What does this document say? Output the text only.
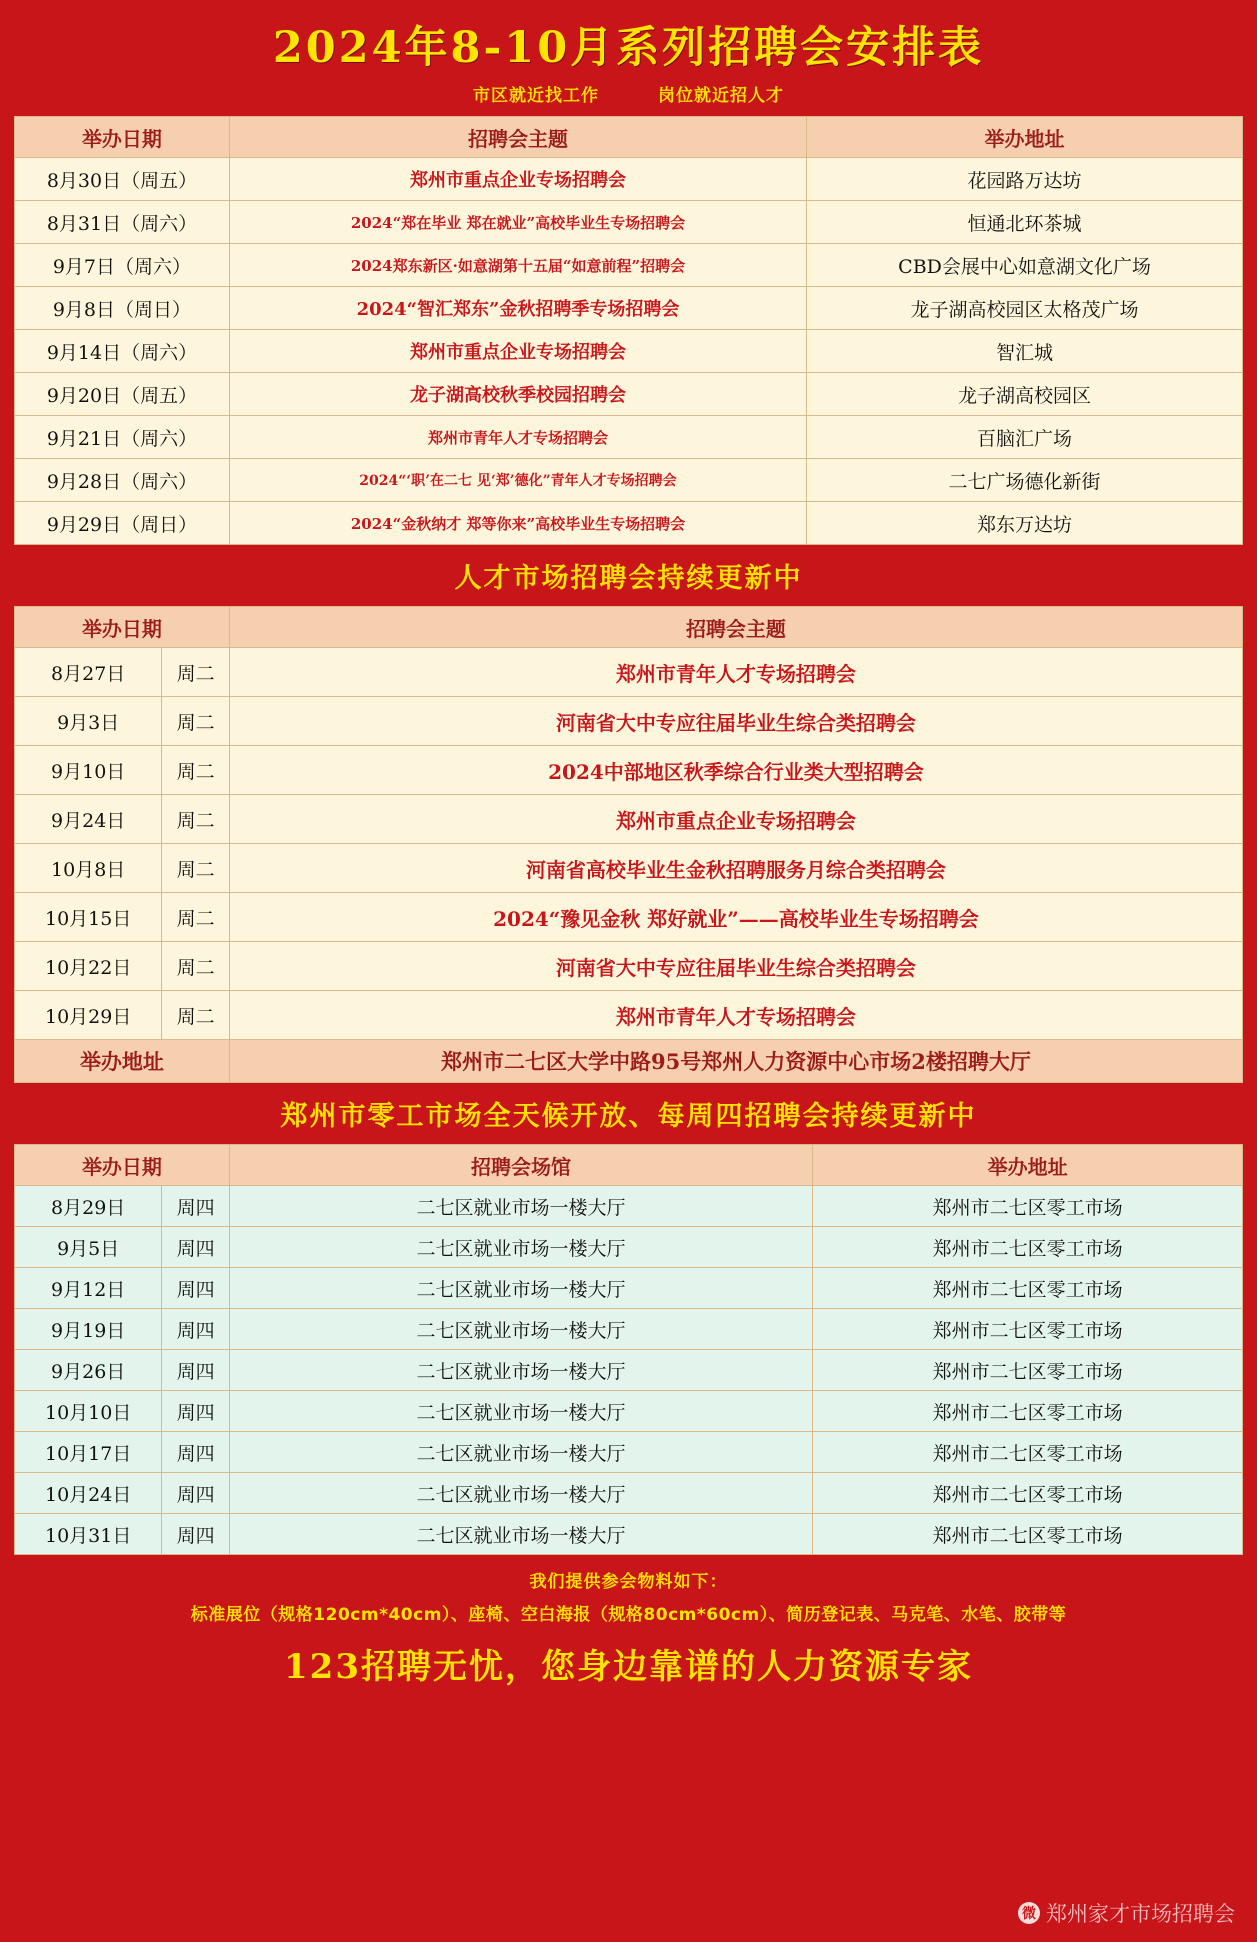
2024年8-10月系列招聘会安排表
市区就近找工作	岗位就近招人才
举办日期	招聘会主题	举办地址
8月30日（周五）	郑州市重点企业专场招聘会	花园路万达坊
8月31日（周六）	2024“郑在毕业 郑在就业”高校毕业生专场招聘会	恒通北环茶城
9月7日（周六）	2024郑东新区·如意湖第十五届“如意前程”招聘会	CBD会展中心如意湖文化广场
9月8日（周日）	2024“智汇郑东”金秋招聘季专场招聘会	龙子湖高校园区太格茂广场
9月14日（周六）	郑州市重点企业专场招聘会	智汇城
9月20日（周五）	龙子湖高校秋季校园招聘会	龙子湖高校园区
9月21日（周六）	郑州市青年人才专场招聘会	百脑汇广场
9月28日（周六）	2024“‘职’在二七 见‘郑’德化”青年人才专场招聘会	二七广场德化新街
9月29日（周日）	2024“金秋纳才 郑等你来”高校毕业生专场招聘会	郑东万达坊
人才市场招聘会持续更新中
举办日期		招聘会主题
8月27日	周二	郑州市青年人才专场招聘会
9月3日	周二	河南省大中专应往届毕业生综合类招聘会
9月10日	周二	2024中部地区秋季综合行业类大型招聘会
9月24日	周二	郑州市重点企业专场招聘会
10月8日	周二	河南省高校毕业生金秋招聘服务月综合类招聘会
10月15日	周二	2024“豫见金秋 郑好就业”——高校毕业生专场招聘会
10月22日	周二	河南省大中专应往届毕业生综合类招聘会
10月29日	周二	郑州市青年人才专场招聘会
举办地址		郑州市二七区大学中路95号郑州人力资源中心市场2楼招聘大厅
郑州市零工市场全天候开放、每周四招聘会持续更新中
举办日期		招聘会场馆	举办地址
8月29日	周四	二七区就业市场一楼大厅	郑州市二七区零工市场
9月5日	周四	二七区就业市场一楼大厅	郑州市二七区零工市场
9月12日	周四	二七区就业市场一楼大厅	郑州市二七区零工市场
9月19日	周四	二七区就业市场一楼大厅	郑州市二七区零工市场
9月26日	周四	二七区就业市场一楼大厅	郑州市二七区零工市场
10月10日	周四	二七区就业市场一楼大厅	郑州市二七区零工市场
10月17日	周四	二七区就业市场一楼大厅	郑州市二七区零工市场
10月24日	周四	二七区就业市场一楼大厅	郑州市二七区零工市场
10月31日	周四	二七区就业市场一楼大厅	郑州市二七区零工市场
我们提供参会物料如下：
标准展位（规格120cm*40cm）、座椅、空白海报（规格80cm*60cm）、简历登记表、马克笔、水笔、胶带等
123招聘无忧，您身边靠谱的人力资源专家
微 郑州家才市场招聘会
